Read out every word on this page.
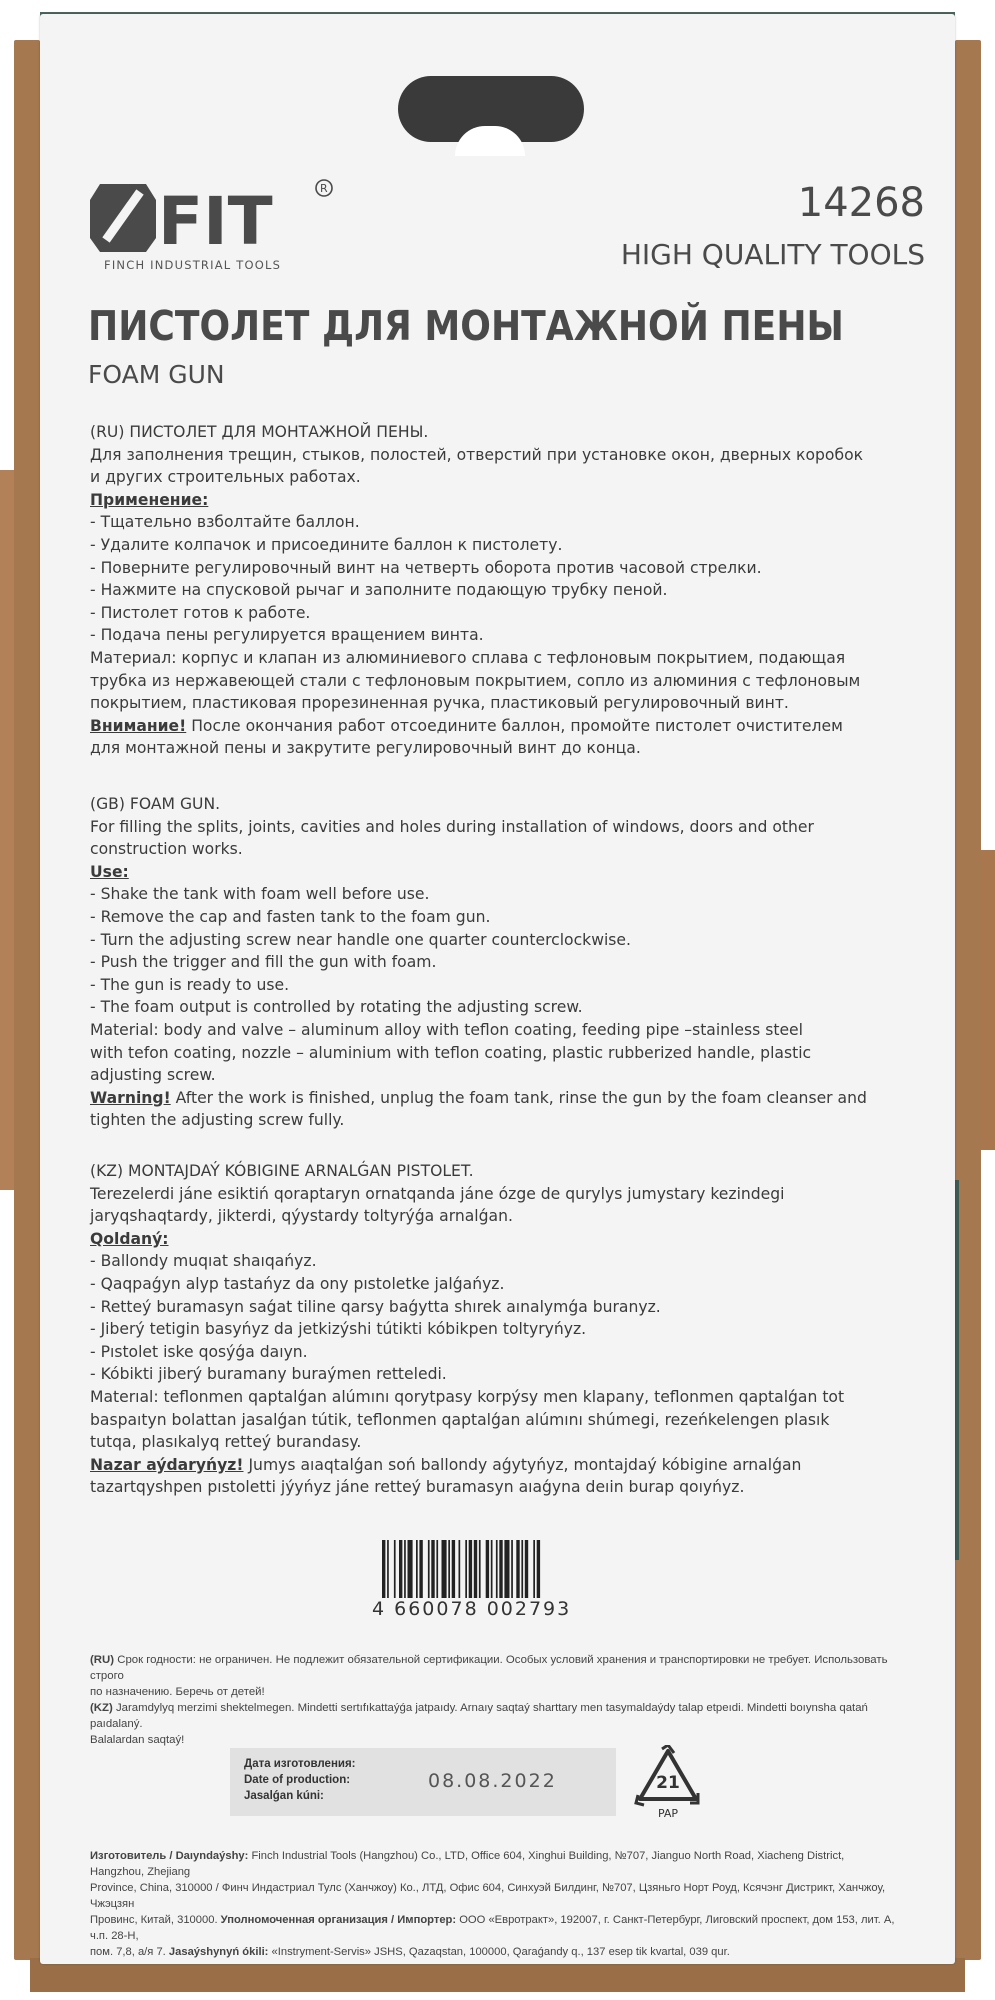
FIT	R
FINCH INDUSTRIAL TOOLS
14268
HIGH QUALITY TOOLS
ПИСТОЛЕТ ДЛЯ МОНТАЖНОЙ ПЕНЫ
FOAM GUN
(RU) ПИСТОЛЕТ ДЛЯ МОНТАЖНОЙ ПЕНЫ.
Для заполнения трещин, стыков, полостей, отверстий при установке окон, дверных коробок
и других строительных работах.
Применение:
- Тщательно взболтайте баллон.
- Удалите колпачок и присоедините баллон к пистолету.
- Поверните регулировочный винт на четверть оборота против часовой стрелки.
- Нажмите на спусковой рычаг и заполните подающую трубку пеной.
- Пистолет готов к работе.
- Подача пены регулируется вращением винта.
Материал: корпус и клапан из алюминиевого сплава с тефлоновым покрытием, подающая
трубка из нержавеющей стали с тефлоновым покрытием, сопло из алюминия с тефлоновым
покрытием, пластиковая прорезиненная ручка, пластиковый регулировочный винт.
Внимание! После окончания работ отсоедините баллон, промойте пистолет очистителем
для монтажной пены и закрутите регулировочный винт до конца.
(GB) FOAM GUN.
For filling the splits, joints, cavities and holes during installation of windows, doors and other
construction works.
Use:
- Shake the tank with foam well before use.
- Remove the cap and fasten tank to the foam gun.
- Turn the adjusting screw near handle one quarter counterclockwise.
- Push the trigger and fill the gun with foam.
- The gun is ready to use.
- The foam output is controlled by rotating the adjusting screw.
Material: body and valve – aluminum alloy with teflon coating, feeding pipe –stainless steel
with tefon coating, nozzle – aluminium with teflon coating, plastic rubberized handle, plastic
adjusting screw.
Warning! After the work is finished, unplug the foam tank, rinse the gun by the foam cleanser and
tighten the adjusting screw fully.
(KZ) MONTAJDAÝ KÓBIGINE ARNALǴAN PISTOLET.
Terezelerdi jáne esiktiń qoraptaryn ornatqanda jáne ózge de qurylys jumystary kezindegi
jaryqshaqtardy, jikterdi, qýystardy toltyrýǵa arnalǵan.
Qoldaný:
- Ballondy muqıat shaıqańyz.
- Qaqpaǵyn alyp tastańyz da ony pıstoletke jalǵańyz.
- Retteý buramasyn saǵat tiline qarsy baǵytta shırek aınalymǵa buranyz.
- Jiberý tetigin basyńyz da jetkizýshi tútikti kóbikpen toltyryńyz.
- Pıstolet iske qosýǵa daıyn.
- Kóbikti jiberý buramany buraýmen retteledi.
Materıal: teflonmen qaptalǵan alúmını qorytpasy korpýsy men klapany, teflonmen qaptalǵan tot
baspaıtyn bolattan jasalǵan tútik, teflonmen qaptalǵan alúmını shúmegi, rezeńkelengen plasık
tutqa, plasıkalyq retteý burandasy.
Nazar aýdaryńyz! Jumys aıaqtalǵan soń ballondy aǵytyńyz, montajdaý kóbigine arnalǵan
tazartqyshpen pıstoletti jýyńyz jáne retteý buramasyn aıaǵyna deıin burap qoıyńyz.
4 660078 002793
(RU) Срок годности: не ограничен. Не подлежит обязательной сертификации. Особых условий хранения и транспортировки не требует. Использовать строго
по назначению. Беречь от детей!
(KZ) Jaramdylyq merzimi shektelmegen. Mindetti sertıfıkattaýǵa jatpaıdy. Arnaıy saqtaý sharttary men tasymaldaýdy talap etpeıdi. Mindetti boıynsha qatań paıdalaný.
Balalardan saqtaý!
Дата изготовления:
Date of production:
Jasalǵan kúni:
08.08.2022	21
PAP
Изготовитель / Daıyndaýshy: Finch Industrial Tools (Hangzhou) Co., LTD, Office 604, Xinghui Building, №707, Jianguo North Road, Xiacheng District, Hangzhou, Zhejiang
Province, China, 310000 / Финч Индастриал Тулс (Ханчжоу) Ко., ЛТД, Офис 604, Синхуэй Билдинг, №707, Цзяньго Норт Роуд, Ксячэнг Дистрикт, Ханчжоу, Чжэцзян
Провинс, Китай, 310000. Уполномоченная организация / Импортер: ООО «Евротракт», 192007, г. Санкт-Петербург, Лиговский проспект, дом 153, лит. А, ч.п. 28-Н,
пом. 7,8, а/я 7. Jasaýshynyń ókili: «Instryment-Servis» JSHS, Qazaqstan, 100000, Qaraǵandy q., 137 esep tik kvartal, 039 qur.
